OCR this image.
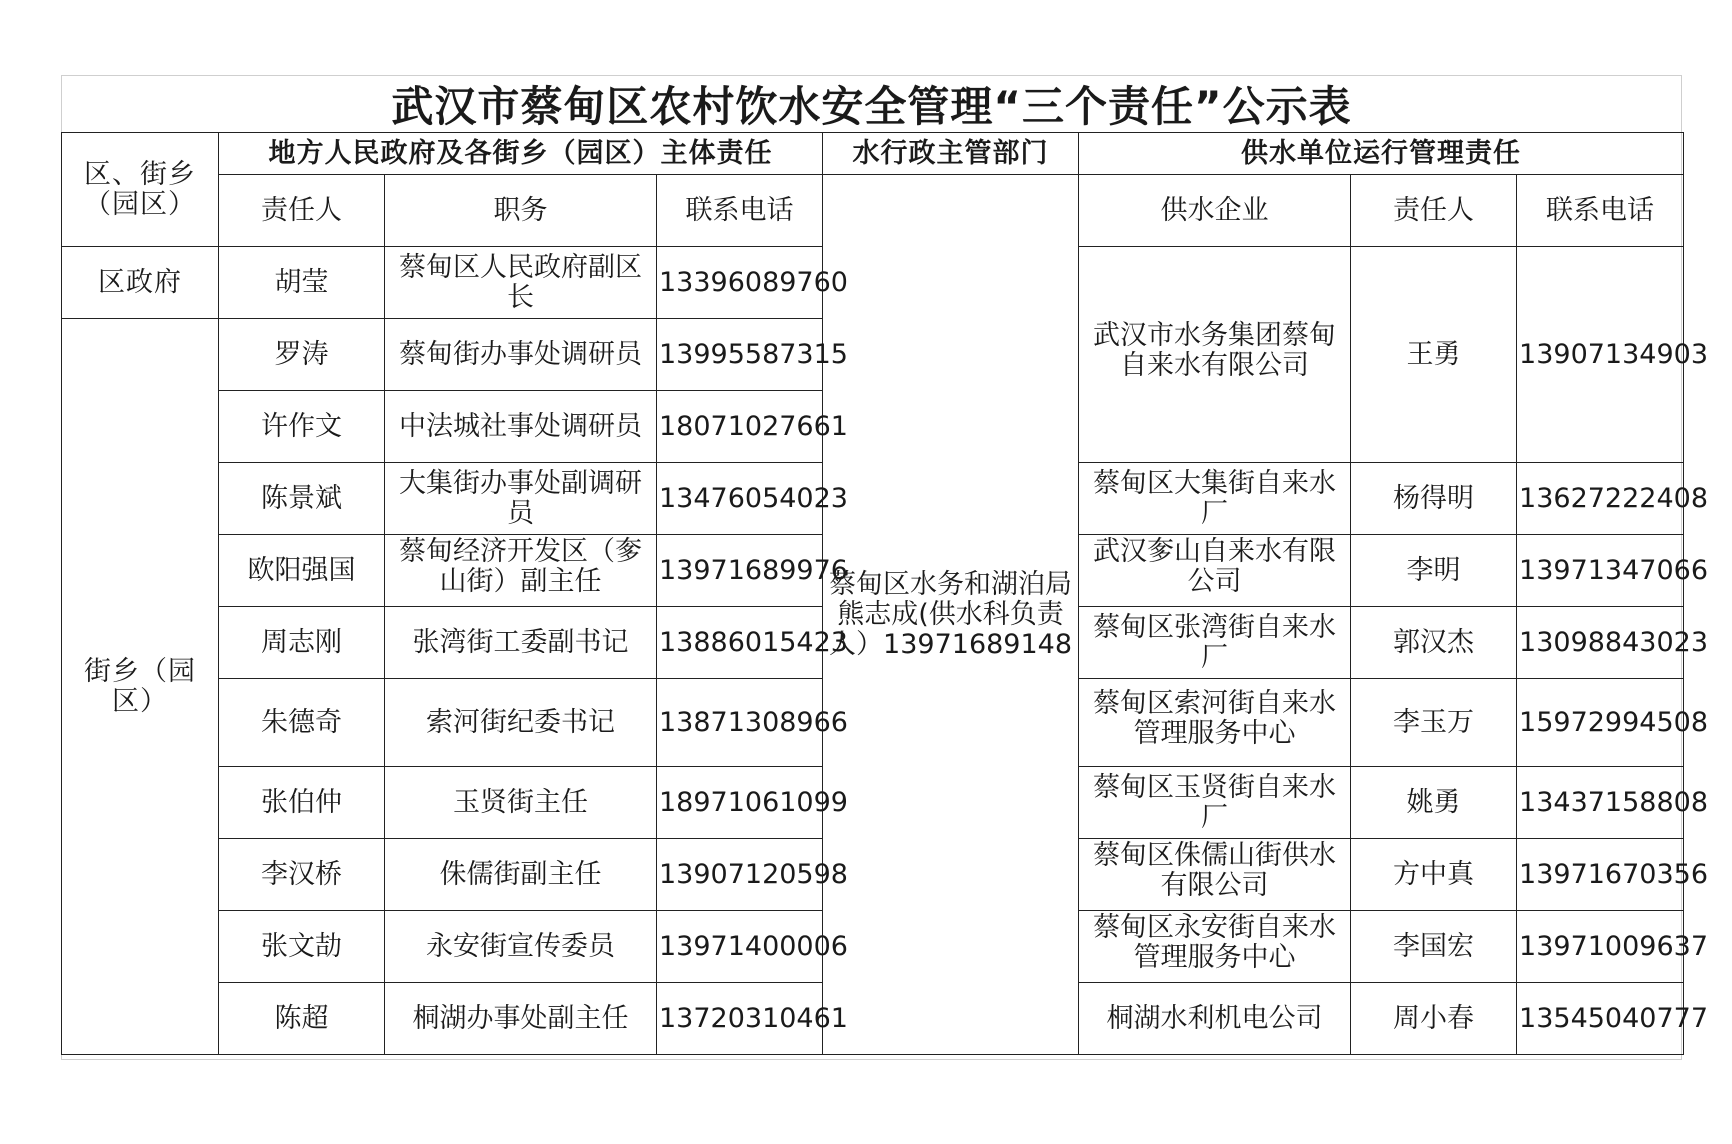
武汉市蔡甸区农村饮水安全管理“三个责任”公示表
区、街乡（园区）	地方人民政府及各街乡（园区）主体责任			水行政主管部门	供水单位运行管理责任		
	责任人	职务	联系电话	蔡甸区水务和湖泊局熊志成(供水科负责人）13971689148	供水企业	责任人	联系电话
区政府	胡莹	蔡甸区人民政府副区长	13396089760		武汉市水务集团蔡甸自来水有限公司	王勇	13907134903
街乡（园区）	罗涛	蔡甸街办事处调研员	13995587315				
	许作文	中法城社事处调研员	18071027661				
	陈景斌	大集街办事处副调研员	13476054023		蔡甸区大集街自来水厂	杨得明	13627222408
	欧阳强国	蔡甸经济开发区（奓山街）副主任	13971689976		武汉奓山自来水有限公司	李明	13971347066
	周志刚	张湾街工委副书记	13886015423		蔡甸区张湾街自来水厂	郭汉杰	13098843023
	朱德奇	索河街纪委书记	13871308966		蔡甸区索河街自来水管理服务中心	李玉万	15972994508
	张伯仲	玉贤街主任	18971061099		蔡甸区玉贤街自来水厂	姚勇	13437158808
	李汉桥	侏儒街副主任	13907120598		蔡甸区侏儒山街供水有限公司	方中真	13971670356
	张文劼	永安街宣传委员	13971400006		蔡甸区永安街自来水管理服务中心	李国宏	13971009637
	陈超	桐湖办事处副主任	13720310461		桐湖水利机电公司	周小春	13545040777
